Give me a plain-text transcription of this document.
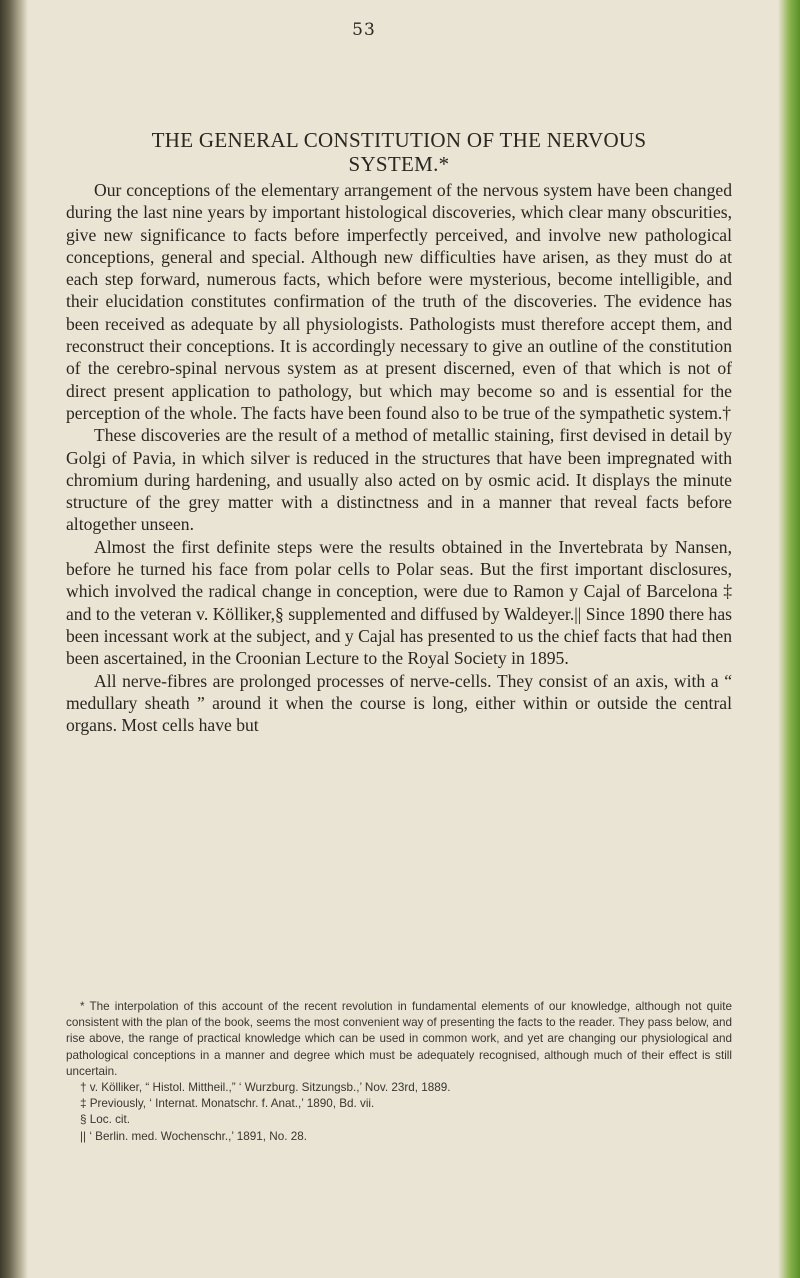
53
THE GENERAL CONSTITUTION OF THE NERVOUS
SYSTEM.*

Our conceptions of the elementary arrangement of the nervous system have been changed during the last nine years by important histological discoveries, which clear many obscurities, give new significance to facts before imperfectly perceived, and involve new pathological conceptions, general and special. Although new difficulties have arisen, as they must do at each step forward, numerous facts, which before were mysterious, become intelligible, and their elucidation constitutes confirmation of the truth of the discoveries. The evidence has been received as adequate by all physiologists. Pathologists must therefore accept them, and reconstruct their conceptions. It is accordingly necessary to give an outline of the constitution of the cerebro-spinal nervous system as at present discerned, even of that which is not of direct present application to pathology, but which may become so and is essential for the perception of the whole. The facts have been found also to be true of the sympathetic system.†

These discoveries are the result of a method of metallic staining, first devised in detail by Golgi of Pavia, in which silver is reduced in the structures that have been impregnated with chromium during hardening, and usually also acted on by osmic acid. It displays the minute structure of the grey matter with a distinctness and in a manner that reveal facts before altogether unseen.

Almost the first definite steps were the results obtained in the Invertebrata by Nansen, before he turned his face from polar cells to Polar seas. But the first important disclosures, which involved the radical change in conception, were due to Ramon y Cajal of Barcelona ‡ and to the veteran v. Kölliker,§ supplemented and diffused by Waldeyer.|| Since 1890 there has been incessant work at the subject, and y Cajal has presented to us the chief facts that had then been ascertained, in the Croonian Lecture to the Royal Society in 1895.

All nerve-fibres are prolonged processes of nerve-cells. They consist of an axis, with a “ medullary sheath ” around it when the course is long, either within or outside the central organs. Most cells have but

* The interpolation of this account of the recent revolution in fundamental elements of our knowledge, although not quite consistent with the plan of the book, seems the most convenient way of presenting the facts to the reader. They pass below, and rise above, the range of practical knowledge which can be used in common work, and yet are changing our physiological and pathological conceptions in a manner and degree which must be adequately recognised, although much of their effect is still uncertain.

† v. Kölliker, “ Histol. Mittheil.,” ‘ Wurzburg. Sitzungsb.,’ Nov. 23rd, 1889.

‡ Previously, ‘ Internat. Monatschr. f. Anat.,’ 1890, Bd. vii.

§ Loc. cit.

|| ‘ Berlin. med. Wochenschr.,’ 1891, No. 28.
